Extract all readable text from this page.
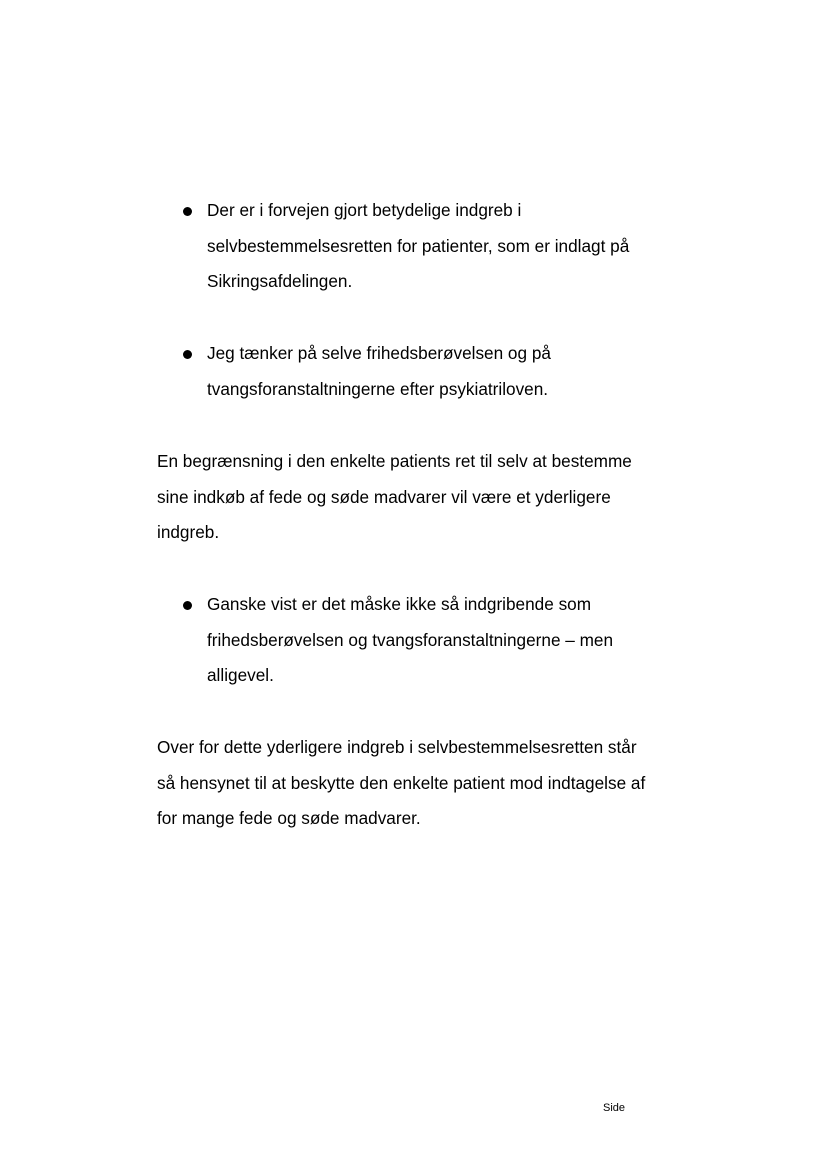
Der er i forvejen gjort betydelige indgreb i
selvbestemmelsesretten for patienter, som er indlagt på
Sikringsafdelingen.
Jeg tænker på selve frihedsberøvelsen og på
tvangsforanstaltningerne efter psykiatriloven.
En begrænsning i den enkelte patients ret til selv at bestemme
sine indkøb af fede og søde madvarer vil være et yderligere
indgreb.
Ganske vist er det måske ikke så indgribende som
frihedsberøvelsen og tvangsforanstaltningerne – men
alligevel.
Over for dette yderligere indgreb i selvbestemmelsesretten står
så hensynet til at beskytte den enkelte patient mod indtagelse af
for mange fede og søde madvarer.
Side
